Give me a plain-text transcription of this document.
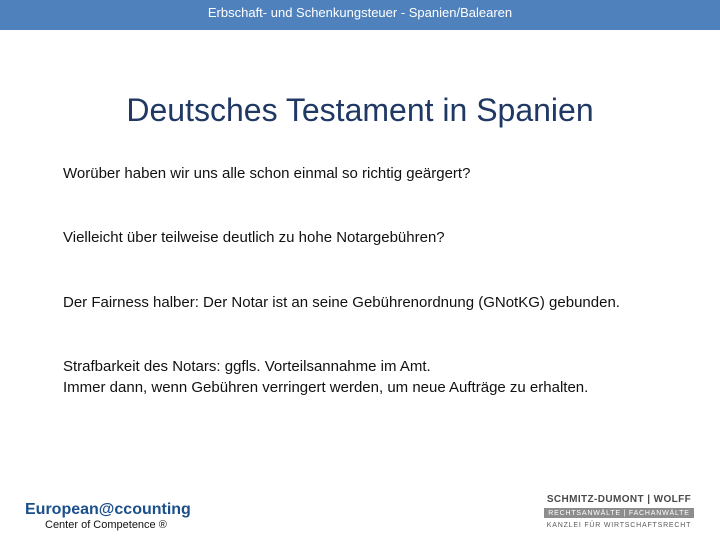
Erbschaft- und Schenkungsteuer - Spanien/Balearen
Deutsches Testament in Spanien
Worüber haben wir uns alle schon einmal so richtig geärgert?
Vielleicht über teilweise deutlich zu hohe Notargebühren?
Der Fairness halber: Der Notar ist an seine Gebührenordnung (GNotKG) gebunden.
Strafbarkeit des Notars: ggfls. Vorteilsannahme im Amt.
Immer dann, wenn Gebühren verringert werden, um neue Aufträge zu erhalten.
European@ccounting
Center of Competence ®
SCHMITZ-DUMONT | WOLFF
RECHTSANWÄLTE | FACHANWÄLTE
KANZLEI FÜR WIRTSCHAFTSRECHT
